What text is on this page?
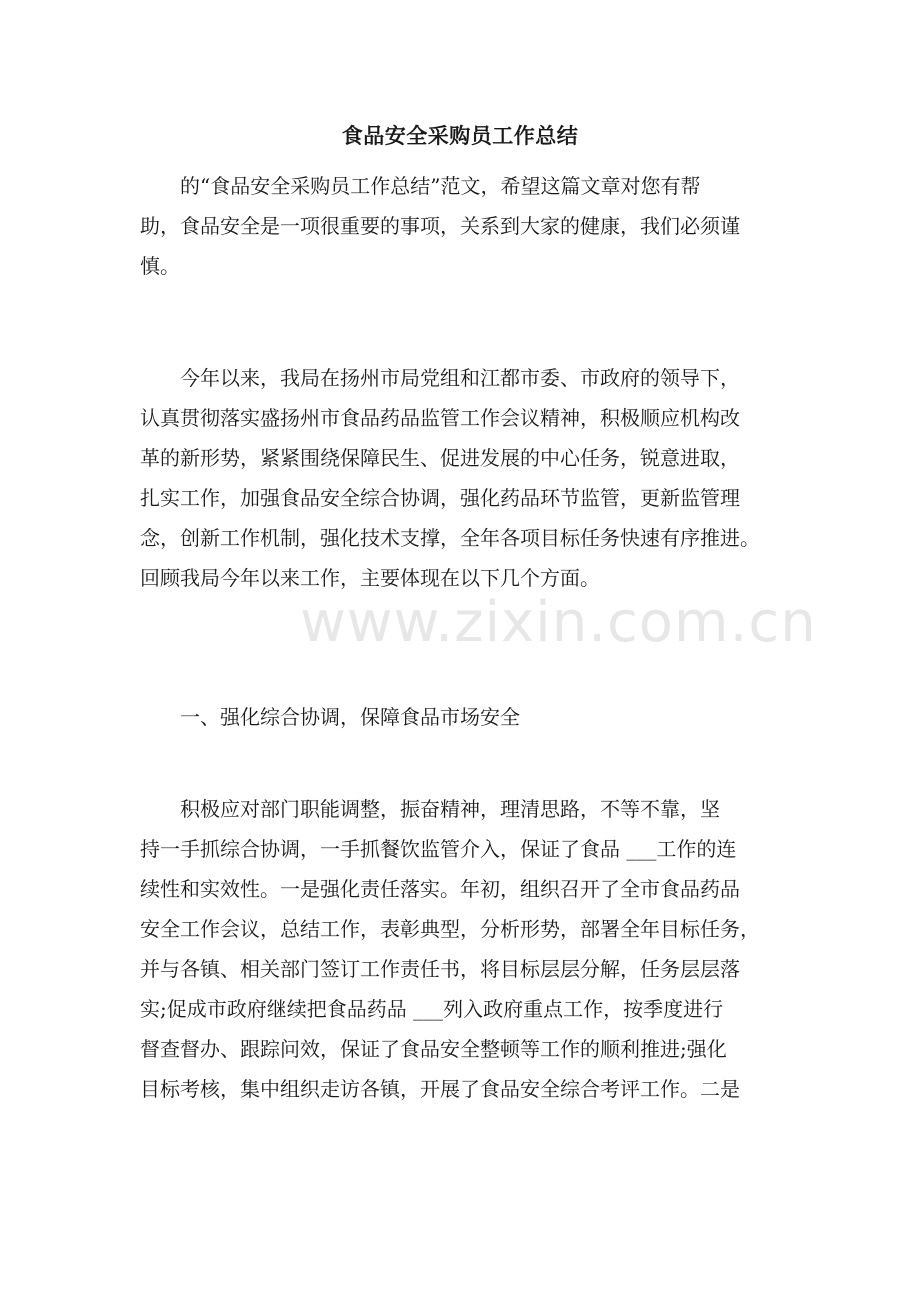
食品安全采购员工作总结
　　的“食品安全采购员工作总结”范文，希望这篇文章对您有帮
助，食品安全是一项很重要的事项，关系到大家的健康，我们必须谨
慎。
　　今年以来，我局在扬州市局党组和江都市委、市政府的领导下，
认真贯彻落实盛扬州市食品药品监管工作会议精神，积极顺应机构改
革的新形势，紧紧围绕保障民生、促进发展的中心任务，锐意进取，
扎实工作，加强食品安全综合协调，强化药品环节监管，更新监管理
念，创新工作机制，强化技术支撑，全年各项目标任务快速有序推进。
回顾我局今年以来工作，主要体现在以下几个方面。
　　一、强化综合协调，保障食品市场安全
　　积极应对部门职能调整，振奋精神，理清思路，不等不靠，坚
持一手抓综合协调，一手抓餐饮监管介入，保证了食品 ___工作的连
续性和实效性。一是强化责任落实。年初，组织召开了全市食品药品
安全工作会议，总结工作，表彰典型，分析形势，部署全年目标任务，
并与各镇、相关部门签订工作责任书，将目标层层分解，任务层层落
实;促成市政府继续把食品药品 ___列入政府重点工作，按季度进行
督查督办、跟踪问效，保证了食品安全整顿等工作的顺利推进;强化
目标考核，集中组织走访各镇，开展了食品安全综合考评工作。二是
www.zixin.com.cn
